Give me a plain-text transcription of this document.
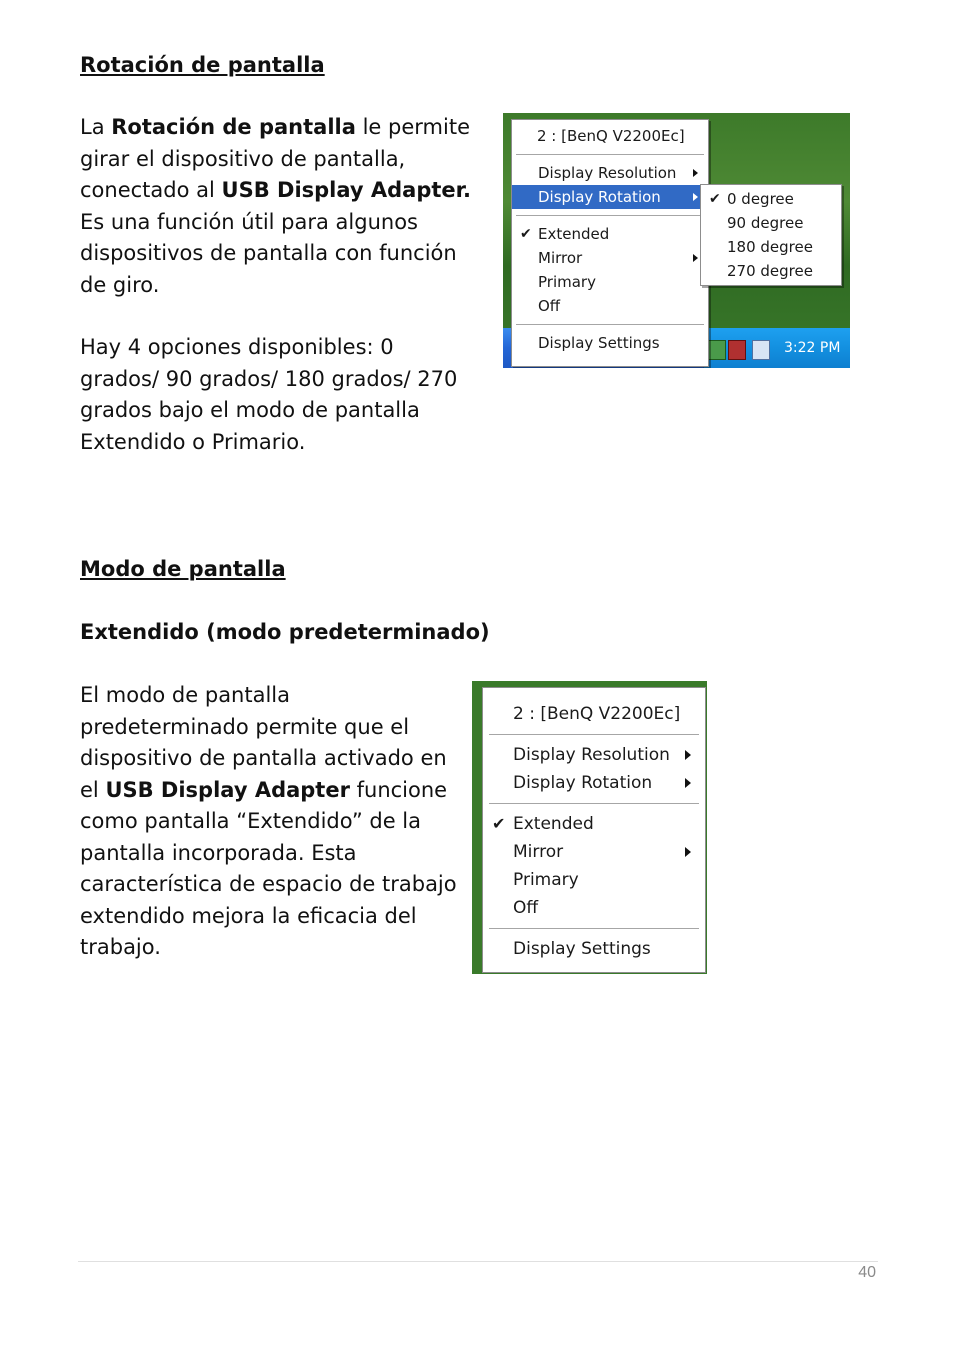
Rotación de pantalla
La Rotación de pantalla le permite girar el dispositivo de pantalla, conectado al USB Display Adapter. Es una función útil para algunos dispositivos de pantalla con función de giro.
Hay 4 opciones disponibles: 0 grados/ 90 grados/ 180 grados/ 270 grados bajo el modo de pantalla Extendido o Primario.
3:22 PM
2 : [BenQ V2200Ec]
Display Resolution
Display Rotation
✔ Extended
Mirror
Primary
Off
Display Settings
✔ 0 degree
90 degree
180 degree
270 degree
Modo de pantalla
Extendido (modo predeterminado)
El modo de pantalla predeterminado permite que el dispositivo de pantalla activado en el USB Display Adapter funcione como pantalla “Extendido” de la pantalla incorporada. Esta característica de espacio de trabajo extendido mejora la eficacia del trabajo.
2 : [BenQ V2200Ec]
Display Resolution
Display Rotation
✔ Extended
Mirror
Primary
Off
Display Settings
40
